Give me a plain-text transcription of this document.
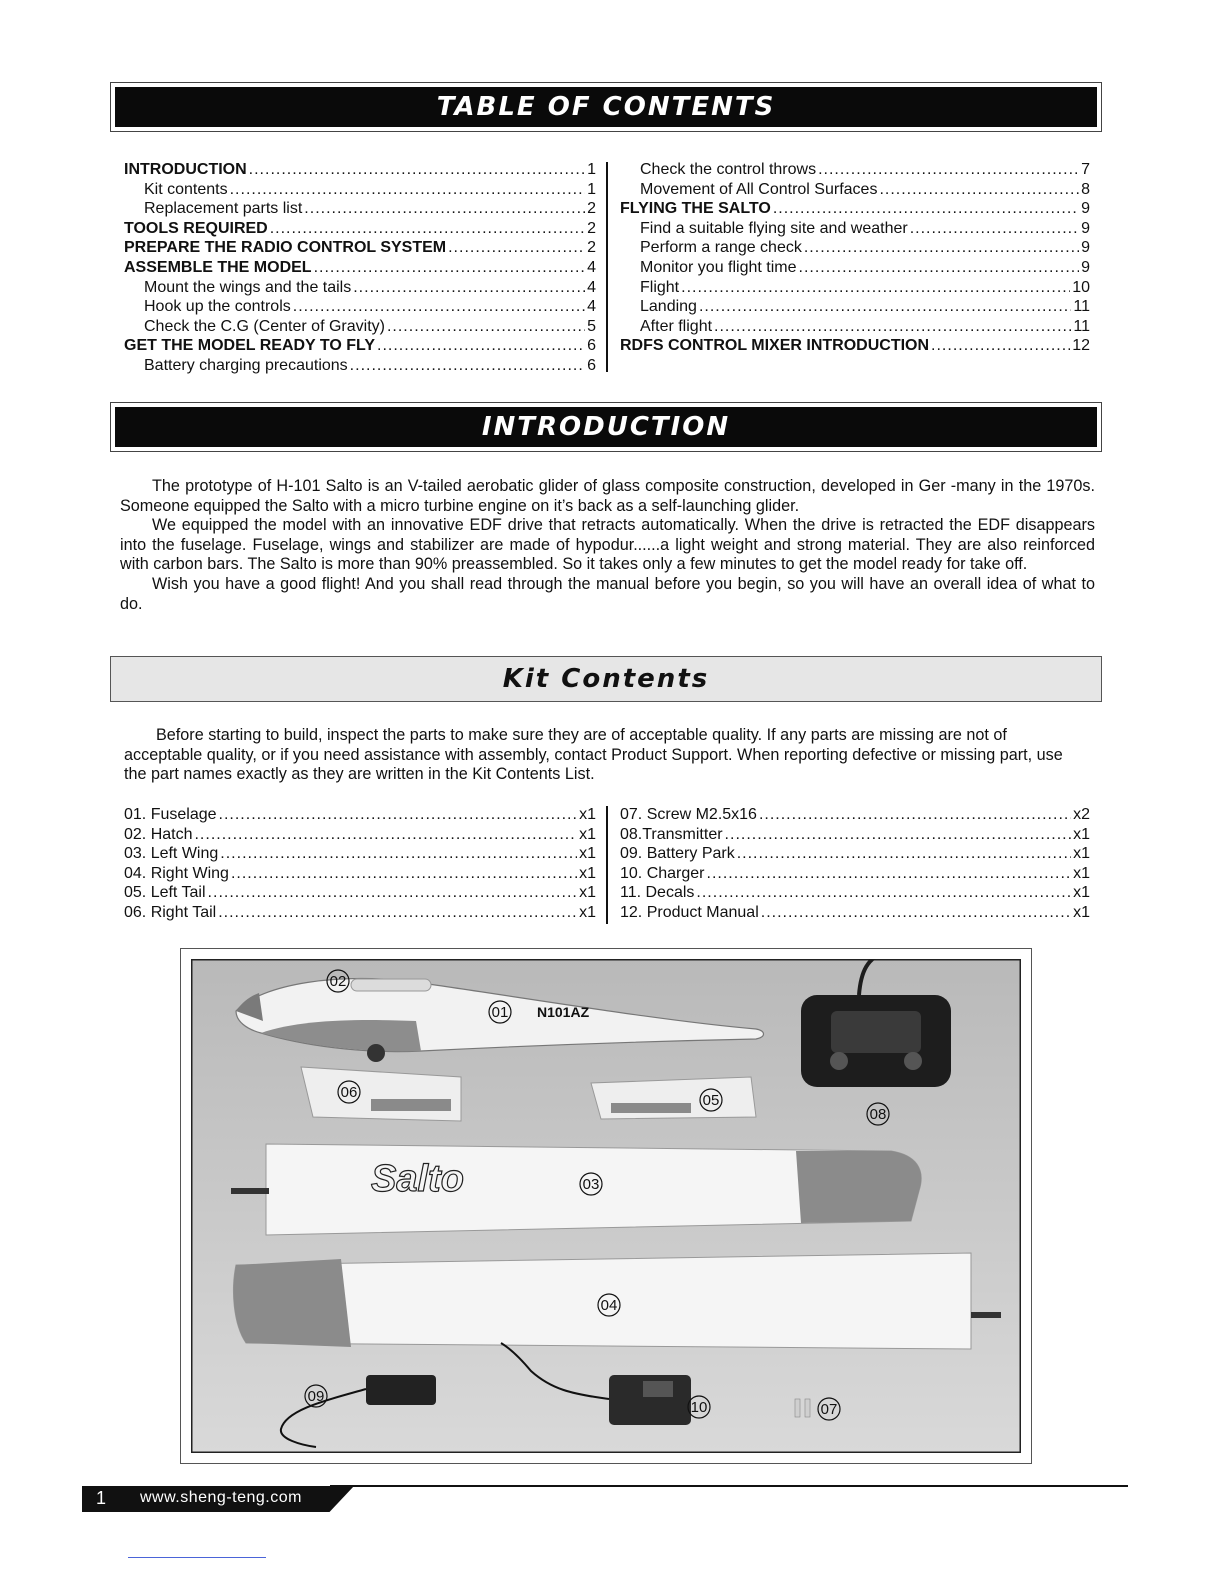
TABLE OF CONTENTS
INTRODUCTION .....	1
Kit contents .....	1
Replacement parts list .....	2
TOOLS REQUIRED .....	2
PREPARE THE RADIO CONTROL SYSTEM .....	2
ASSEMBLE THE MODEL .....	4
Mount the wings and the tails .....	4
Hook up the controls .....	4
Check the C.G (Center of Gravity) .....	5
GET THE MODEL READY TO FLY .....	6
Battery charging precautions .....	6
Check the control throws .....	7
Movement of All Control Surfaces .....	8
FLYING THE SALTO .....	9
Find a suitable flying site and weather .....	9
Perform a range check .....	9
Monitor you flight time .....	9
Flight .....	10
Landing .....	11
After flight .....	11
RDFS CONTROL MIXER INTRODUCTION .....	12
INTRODUCTION

The prototype of H-101 Salto is an V-tailed aerobatic glider of glass composite construction, developed in Ger -many in the 1970s. Someone equipped the Salto with a micro turbine engine on it’s back as a self-launching glider.

We equipped the model with an innovative EDF drive that retracts automatically. When the drive is retracted the EDF disappears into the fuselage. Fuselage, wings and stabilizer are made of hypodur......a light weight and strong material. They are also reinforced with carbon bars. The Salto is more than 90% preassembled. So it takes only a few minutes to get the model ready for take off.

Wish you have a good flight! And you shall read through the manual before you begin, so you will have an overall idea of what to do.

Kit Contents

Before starting to build, inspect the parts to make sure they are of acceptable quality. If any parts are missing are not of acceptable quality, or if you need assistance with assembly, contact Product Support. When reporting defective or missing part, use the part names exactly as they are written in the Kit Contents List.

01. Fuselage .....	x1
02. Hatch .....	x1
03. Left Wing .....	x1
04. Right Wing .....	x1
05. Left Tail .....	x1
06. Right Tail .....	x1
07. Screw M2.5x16 .....	x2
08.Transmitter .....	x1
09. Battery Park .....	x1
10. Charger .....	x1
11. Decals .....	x1
12. Product Manual .....	x1
N101AZ
Salto
02
01
06	05
08
03
04
09
10	07
1 www.sheng-teng.com
